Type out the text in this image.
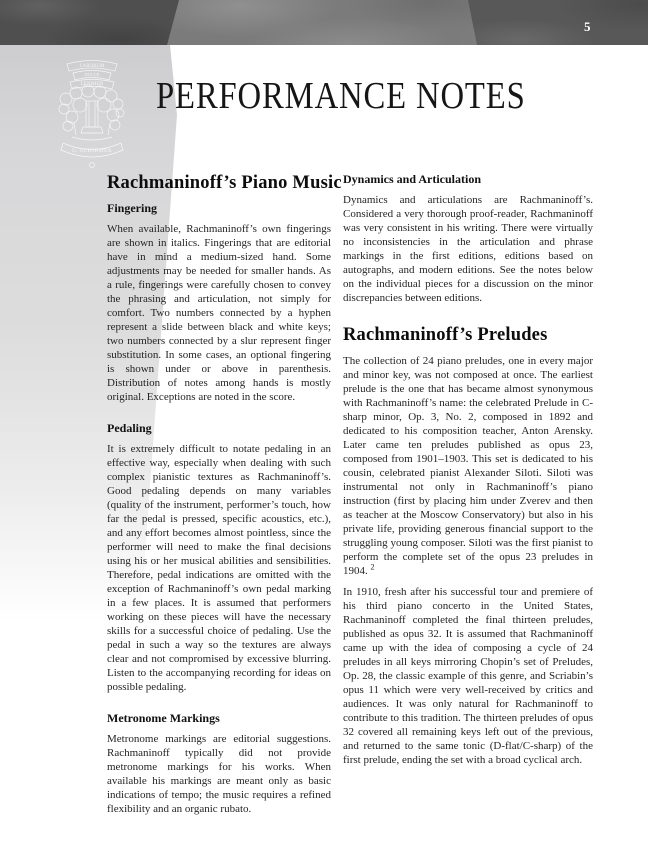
5
LABORUM
DULCE
LENIMEN
G. SCHIRMER
PERFORMANCE NOTES
Rachmaninoff’s Piano Music
Fingering

When available, Rachmaninoff’s own fingerings are shown in italics. Fingerings that are editorial have in mind a medium-sized hand. Some adjustments may be needed for smaller hands. As a rule, fingerings were carefully chosen to convey the phrasing and articulation, not simply for comfort. Two numbers connected by a hyphen represent a slide between black and white keys; two numbers connected by a slur represent finger substitution. In some cases, an optional fingering is shown under or above in parenthesis. Distribution of notes among hands is mostly original. Exceptions are noted in the score.

Pedaling

It is extremely difficult to notate pedaling in an effective way, especially when dealing with such complex pianistic textures as Rachmaninoff’s. Good pedaling depends on many variables (quality of the instrument, performer’s touch, how far the pedal is pressed, specific acoustics, etc.), and any effort becomes almost pointless, since the performer will need to make the final decisions using his or her musical abilities and sensibilities. Therefore, pedal indications are omitted with the exception of Rachmaninoff’s own pedal marking in a few places. It is assumed that performers working on these pieces will have the necessary skills for a successful choice of pedaling. Use the pedal in such a way so the textures are always clear and not compromised by excessive blurring. Listen to the accompanying recording for ideas on possible pedaling.

Metronome Markings

Metronome markings are editorial suggestions. Rachmaninoff typically did not provide metronome markings for his works. When available his markings are meant only as basic indications of tempo; the music requires a refined flexibility and an organic rubato.

Dynamics and Articulation

Dynamics and articulations are Rachmaninoff’s. Considered a very thorough proof-reader, Rachmaninoff was very consistent in his writing. There were virtually no inconsistencies in the articulation and phrase markings in the first editions, editions based on autographs, and modern editions. See the notes below on the individual pieces for a discussion on the minor discrepancies between editions.

Rachmaninoff’s Preludes

The collection of 24 piano preludes, one in every major and minor key, was not composed at once. The earliest prelude is the one that has became almost synonymous with Rachmaninoff’s name: the celebrated Prelude in C-sharp minor, Op. 3, No. 2, composed in 1892 and dedicated to his composition teacher, Anton Arensky. Later came ten preludes published as opus 23, composed from 1901–1903. This set is dedicated to his cousin, celebrated pianist Alexander Siloti. Siloti was instrumental not only in Rachmaninoff’s piano instruction (first by placing him under Zverev and then as teacher at the Moscow Conservatory) but also in his private life, providing generous financial support to the struggling young composer. Siloti was the first pianist to perform the complete set of the opus 23 preludes in 1904. $^2$

In 1910, fresh after his successful tour and premiere of his third piano concerto in the United States, Rachmaninoff completed the final thirteen preludes, published as opus 32. It is assumed that Rachmaninoff came up with the idea of composing a cycle of 24 preludes in all keys mirroring Chopin’s set of Preludes, Op. 28, the classic example of this genre, and Scriabin’s opus 11 which were very well-received by critics and audiences. It was only natural for Rachmaninoff to contribute to this tradition. The thirteen preludes of opus 32 covered all remaining keys left out of the previous, and returned to the same tonic (D-flat/C-sharp) of the first prelude, ending the set with a broad cyclical arch.
